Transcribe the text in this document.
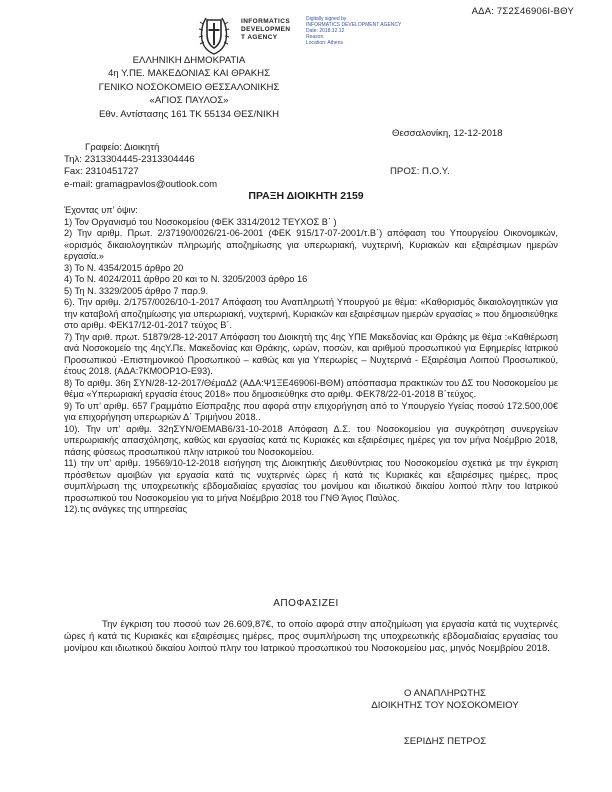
ΑΔΑ: 7Σ2Σ46906Ι-ΒΘΥ
INFORMATICS
DEVELOPMEN
T AGENCY
Digitally signed by
INFORMATICS DEVELOPMENT AGENCY
Date: 2018.12.12
Reason:
Location: Athens
ΕΛΛΗΝΙΚΗ ΔΗΜΟΚΡΑΤΙΑ
4η Υ.ΠΕ. ΜΑΚΕΔΟΝΙΑΣ ΚΑΙ ΘΡΑΚΗΣ
ΓΕΝΙΚΟ ΝΟΣΟΚΟΜΕΙΟ ΘΕΣΣΑΛΟΝΙΚΗΣ
«ΑΓΙΟΣ ΠΑΥΛΟΣ»
Εθν. Αντίστασης 161 ΤΚ 55134 ΘΕΣ/ΝΙΚΗ
Θεσσαλονίκη, 12-12-2018
Γραφείο: Διοικητή
Τηλ: 2313304445-2313304446
Fax: 2310451727
e-mail: gramagpavlos@outlook.com
ΠΡΟΣ: Π.Ο.Υ.
ΠΡΑΞΗ ΔΙΟΙΚΗΤΗ 2159

Έχοντας υπ’ όψιν:

1) Τον Οργανισμό του Νοσοκομείου (ΦΕΚ 3314/2012 ΤΕΥΧΟΣ Β΄ )

2) Την αριθμ. Πρωτ. 2/37190/0026/21-06-2001 (ΦΕΚ 915/17-07-2001/τ.Β΄) απόφαση του Υπουργείου Οικονομικών, «ορισμός δικαιολογητικών πληρωμής αποζημίωσης για υπερωριακή, νυχτερινή, Κυριακών και εξαιρέσιμων ημερών εργασία.»

3) Το Ν. 4354/2015 άρθρο 20

4) Το Ν. 4024/2011 άρθρο 20 και το Ν. 3205/2003 άρθρο 16

5) Τη Ν. 3329/2005 άρθρο 7 παρ.9.

6). Την αριθμ. 2/1757/0026/10-1-2017 Απόφαση του Αναπληρωτή Υπουργού με θέμα: «Καθορισμός δικαιολογητικών για την καταβολή αποζημίωσης για υπερωριακή, νυχτερινή, Κυριακών και εξαιρέσιμων ημερών εργασίας » που δημοσιεύθηκε στο αριθμ. ΦΕΚ17/12-01-2017 τεύχος Β΄.

7) Την αριθ. πρωτ. 51879/28-12-2017 Απόφαση του Διοικητή της 4ης ΥΠΕ Μακεδονίας και Θράκης με θέμα :«Καθιέρωση ανά Νοσοκομείο της 4ηςΥ.Πε. Μακεδονίας και Θράκης, ωρών, ποσών, και αριθμού προσωπικού για Εφημερίες Ιατρικού Προσωπικού -Επιστημονικού Προσωπικού – καθώς και για Υπερωρίες – Νυχτερινά - Εξαιρέσιμα Λοιπού Προσωπικού, έτους 2018. (ΑΔΑ:7ΚΜ0ΟΡ1Ο-Ε93).

8) Το αριθμ. 36η ΣΥΝ/28-12-2017/ΘέμαΔ2 (ΑΔΑ:Ψ1ΞΕ46906Ι-ΒΘΜ) απόσπασμα πρακτικών του ΔΣ του Νοσοκομείου με θέμα «Υπερωριακή εργασία έτους 2018» που δημοσιεύθηκε στο αριθμ. ΦΕΚ78/22-01-2018 Β΄τεύχος.

9) Το υπ’ αριθμ. 657 Γραμμάτιο Είσπραξης που αφορά στην επιχορήγηση από το Υπουργείο Υγείας ποσού 172.500,00€ για επιχορήγηση υπερωριών Δ΄ Τριμήνου 2018..

10). Την υπ’ αριθμ. 32ηΣΥΝ/ΘΕΜΑΒ6/31-10-2018 Απόφαση Δ.Σ. του Νοσοκομείου για συγκρότηση συνεργείων υπερωριακής απασχόλησης, καθώς και εργασίας κατά τις Κυριακές και εξαιρέσιμες ημέρες για τον μήνα Νοέμβριο 2018, πάσης φύσεως προσωπικού πλην ιατρικού του Νοσοκομείου.

11) την υπ’ αριθμ. 19569/10-12-2018 εισήγηση της Διοικητικής Διευθύντριας του Νοσοκομείου σχετικά με την έγκριση πρόσθετων αμοιβών για εργασία κατά τις νυχτερινές ώρες ή κατά τις Κυριακές και εξαιρέσιμες ημέρες, προς συμπλήρωση της υποχρεωτικής εβδομαδιαίας εργασίας του μονίμου και ιδιωτικού δικαίου λοιπού πλην του Ιατρικού προσωπικού του Νοσοκομείου για το μήνα Νοέμβριο 2018 του ΓΝΘ Άγιος Παύλος.

12).τις ανάγκες της υπηρεσίας

ΑΠΟΦΑΣΙΖΕΙ
Την έγκριση του ποσού των 26.609,87€, το οποίο αφορά στην αποζημίωση για εργασία κατά τις νυχτερινές ώρες ή κατά τις Κυριακές και εξαιρέσιμες ημέρες, προς συμπλήρωση της υποχρεωτικής εβδομαδιαίας εργασίας του μονίμου και ιδιωτικού δικαίου λοιπού πλην του Ιατρικού προσωπικού του Νοσοκομείου μας, μηνός Νοεμβρίου 2018.
Ο ΑΝΑΠΛΗΡΩΤΗΣ
ΔΙΟΙΚΗΤΗΣ ΤΟΥ ΝΟΣΟΚΟΜΕΙΟΥ
ΣΕΡΙΔΗΣ ΠΕΤΡΟΣ
